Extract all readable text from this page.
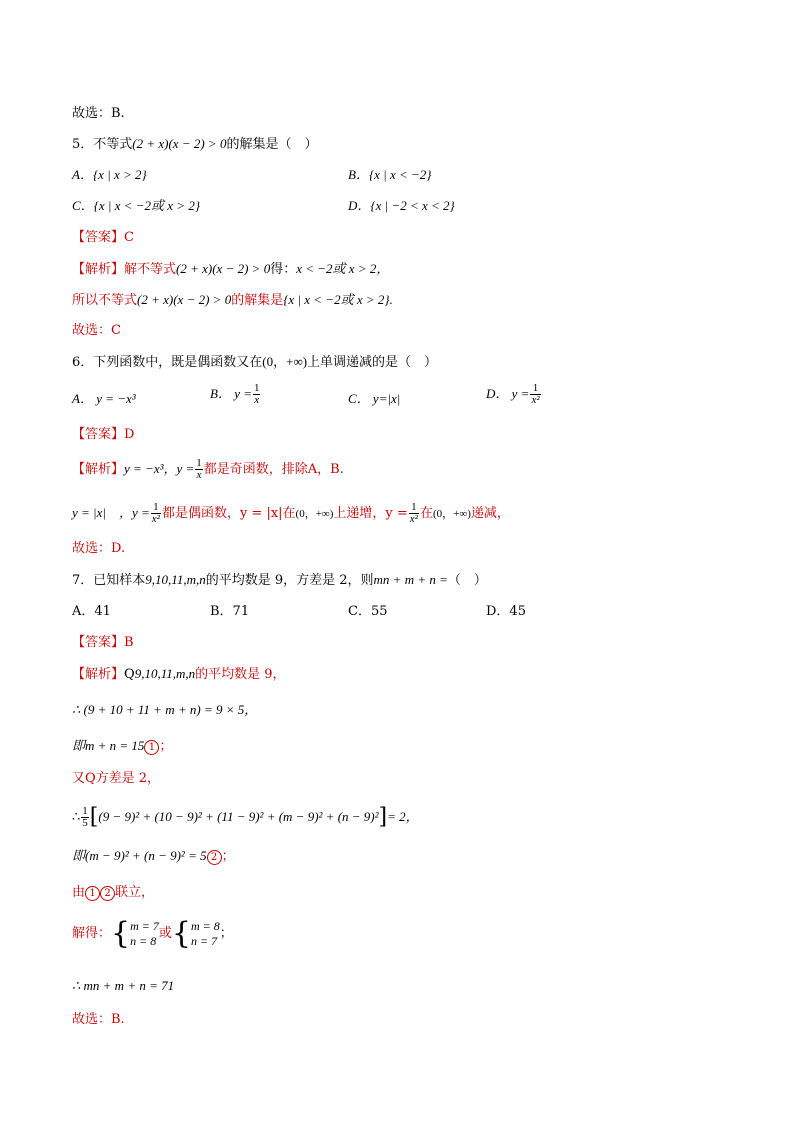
故选：B.
5．不等式(2 + x)(x − 2) > 0的解集是（　）
A．{x | x > 2}	B．{x | x < −2}
C．{x | x < −2或 x > 2}	D．{x | −2 < x < 2}
【答案】C
【解析】解不等式(2 + x)(x − 2) > 0得：x < −2或 x > 2，
所以不等式(2 + x)(x − 2) > 0的解集是{x | x < −2或 x > 2}.
故选：C
6．下列函数中，既是偶函数又在(0，+∞)上单调递减的是（　）
A． y = −x³	B． $y = \frac{1}{x}$	C． y=|x|	D． $y = \frac{1}{\text{x²}}$
【答案】D
【解析】y = −x³，$y = \frac{1}{x}$ 都是奇函数，排除A，B.
y = |x|　，$y = \frac{1}{\text{x²}}$ 都是偶函数，y = |x|在(0，+∞)上递增，$y = \frac{1}{\text{x²}}$ 在(0，+∞)递减，
故选：D.
7．已知样本9,10,11,m,n的平均数是 9，方差是 2，则mn + m + n =（　）
A．41	B．71	C．55	D．45
【答案】B
【解析】Q9,10,11,m,n的平均数是 9，
∴ (9 + 10 + 11 + m + n) = 9 × 5，
即m + n = 15 1 ；
又Q方差是 2，
∴ $\frac{1}{5} [(9 - 9)^2 + (10 - 9)^2 + (11 - 9)^2 + (m - 9)^2 + (n - 9)^2]= 2$，
即(m − 9)² + (n − 9)² = 5 2 ；
由 1 2 联立，
解得：{ m = 7
n = 8 或{ m = 8
n = 7 ；
∴ mn + m + n = 71
故选：B.
